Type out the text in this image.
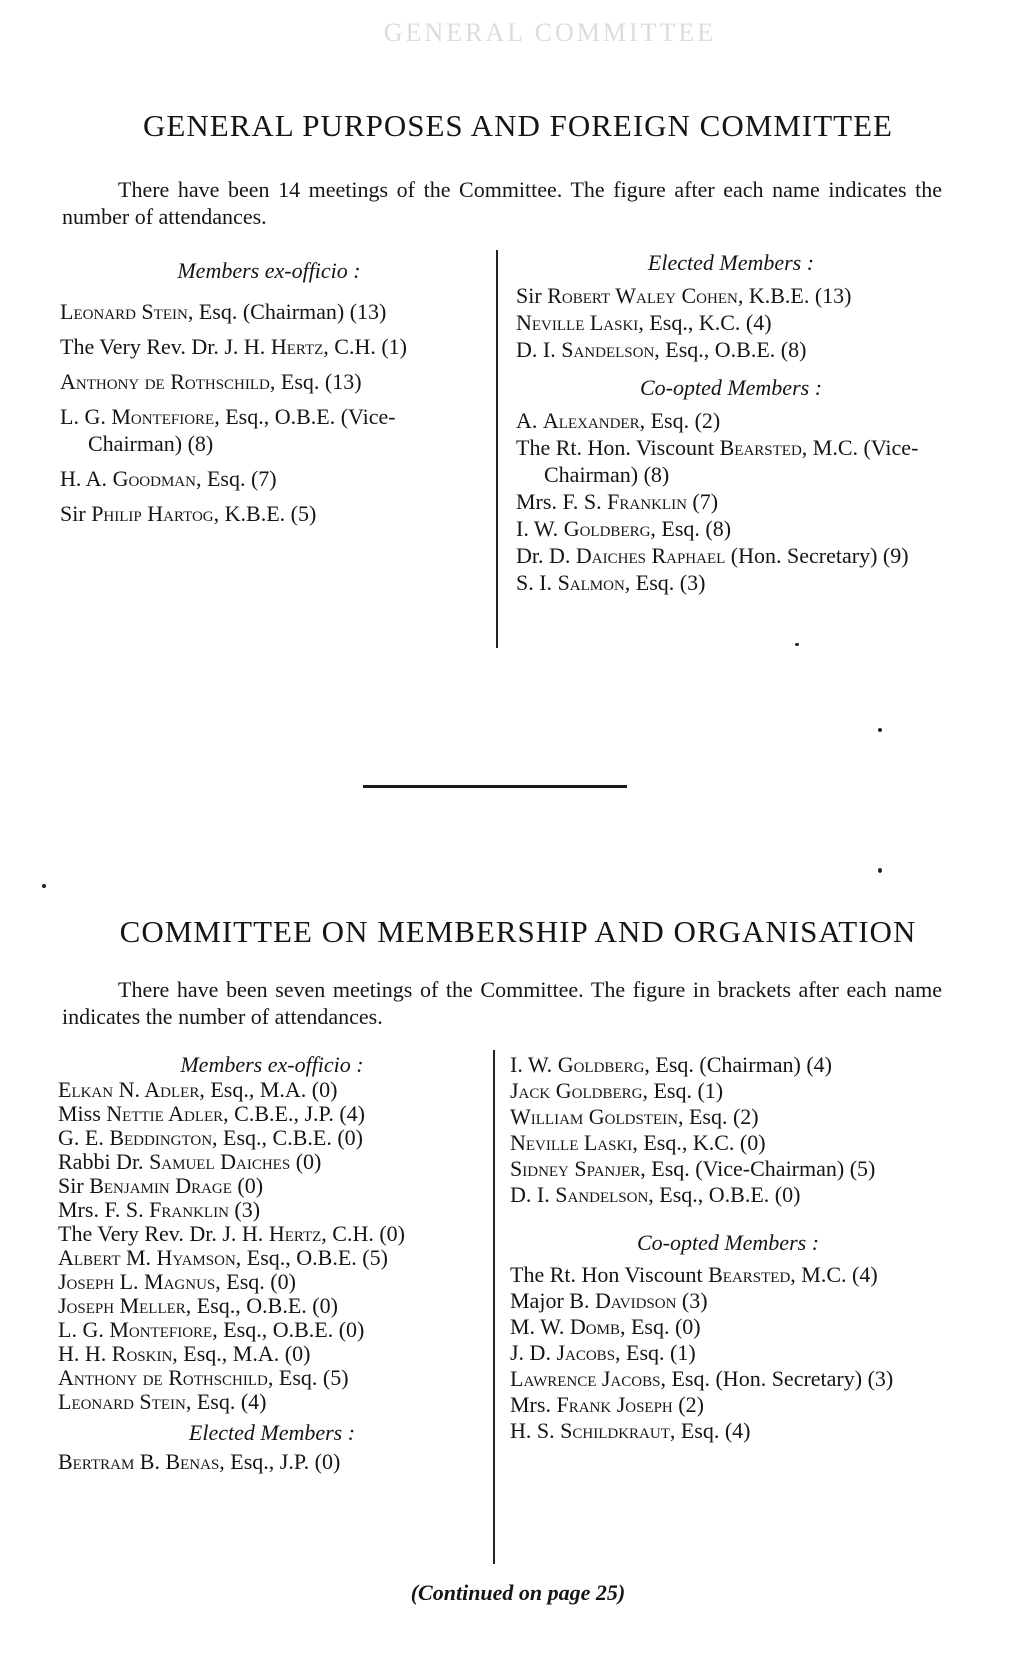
GENERAL COMMITTEE
GENERAL PURPOSES AND FOREIGN COMMITTEE
There have been 14 meetings of the Committee. The figure after each name indicates the number of attendances.
Members ex-officio :
Leonard Stein, Esq. (Chairman) (13)
The Very Rev. Dr. J. H. Hertz, C.H. (1)
Anthony de Rothschild, Esq. (13)
L. G. Montefiore, Esq., O.B.E. (Vice-Chairman) (8)
H. A. Goodman, Esq. (7)
Sir Philip Hartog, K.B.E. (5)
Elected Members :
Sir Robert Waley Cohen, K.B.E. (13)
Neville Laski, Esq., K.C. (4)
D. I. Sandelson, Esq., O.B.E. (8)
Co-opted Members :
A. Alexander, Esq. (2)
The Rt. Hon. Viscount Bearsted, M.C. (Vice-Chairman) (8)
Mrs. F. S. Franklin (7)
I. W. Goldberg, Esq. (8)
Dr. D. Daiches Raphael (Hon. Secretary) (9)
S. I. Salmon, Esq. (3)
COMMITTEE ON MEMBERSHIP AND ORGANISATION
There have been seven meetings of the Committee. The figure in brackets after each name indicates the number of attendances.
Members ex-officio :
Elkan N. Adler, Esq., M.A. (0)
Miss Nettie Adler, C.B.E., J.P. (4)
G. E. Beddington, Esq., C.B.E. (0)
Rabbi Dr. Samuel Daiches (0)
Sir Benjamin Drage (0)
Mrs. F. S. Franklin (3)
The Very Rev. Dr. J. H. Hertz, C.H. (0)
Albert M. Hyamson, Esq., O.B.E. (5)
Joseph L. Magnus, Esq. (0)
Joseph Meller, Esq., O.B.E. (0)
L. G. Montefiore, Esq., O.B.E. (0)
H. H. Roskin, Esq., M.A. (0)
Anthony de Rothschild, Esq. (5)
Leonard Stein, Esq. (4)
Elected Members :
Bertram B. Benas, Esq., J.P. (0)
I. W. Goldberg, Esq. (Chairman) (4)
Jack Goldberg, Esq. (1)
William Goldstein, Esq. (2)
Neville Laski, Esq., K.C. (0)
Sidney Spanjer, Esq. (Vice-Chairman) (5)
D. I. Sandelson, Esq., O.B.E. (0)
Co-opted Members :
The Rt. Hon Viscount Bearsted, M.C. (4)
Major B. Davidson (3)
M. W. Domb, Esq. (0)
J. D. Jacobs, Esq. (1)
Lawrence Jacobs, Esq. (Hon. Secretary) (3)
Mrs. Frank Joseph (2)
H. S. Schildkraut, Esq. (4)
(Continued on page 25)
